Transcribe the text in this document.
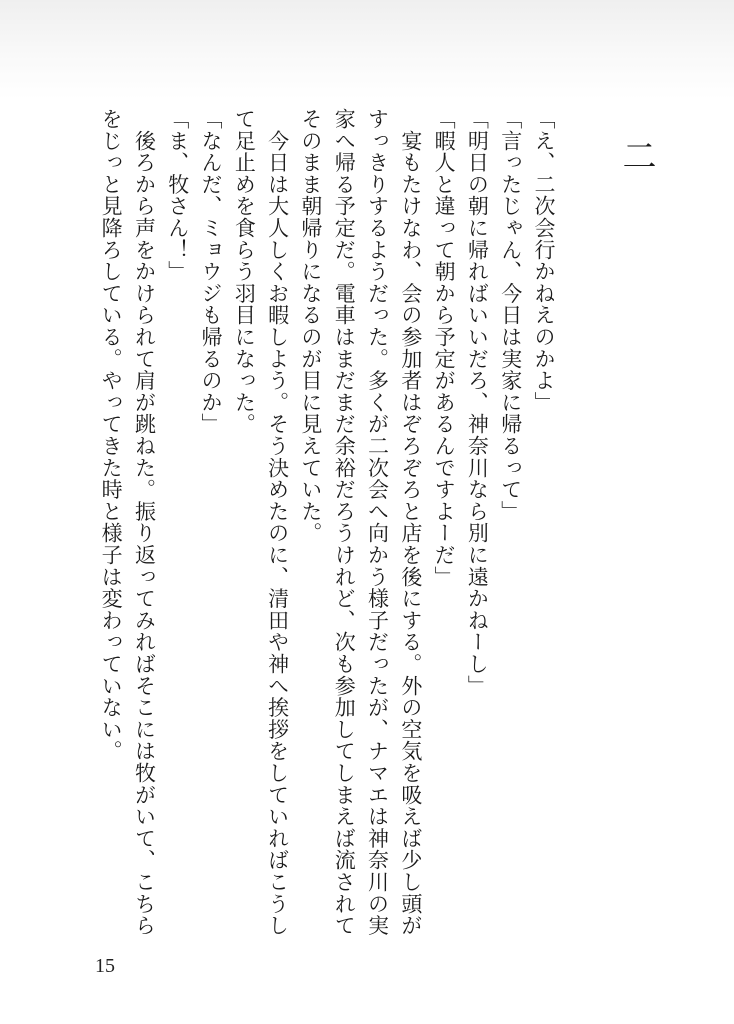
二

「え、二次会行かねえのかよ」

「言ったじゃん、今日は実家に帰るって」

「明日の朝に帰ればいいだろ、神奈川なら別に遠かねーし」

「暇人と違って朝から予定があるんですよーだ」

　宴もたけなわ、会の参加者はぞろぞろと店を後にする。外の空気を吸えば少し頭がすっきりするようだった。多くが二次会へ向かう様子だったが、ナマエは神奈川の実家へ帰る予定だ。電車はまだまだ余裕だろうけれど、次も参加してしまえば流されてそのまま朝帰りになるのが目に見えていた。

　今日は大人しくお暇しよう。そう決めたのに、清田や神へ挨拶をしていればこうして足止めを食らう羽目になった。

「なんだ、ミョウジも帰るのか」

「ま、牧さん！」

　後ろから声をかけられて肩が跳ねた。振り返ってみればそこには牧がいて、こちらをじっと見降ろしている。やってきた時と様子は変わっていない。

15
